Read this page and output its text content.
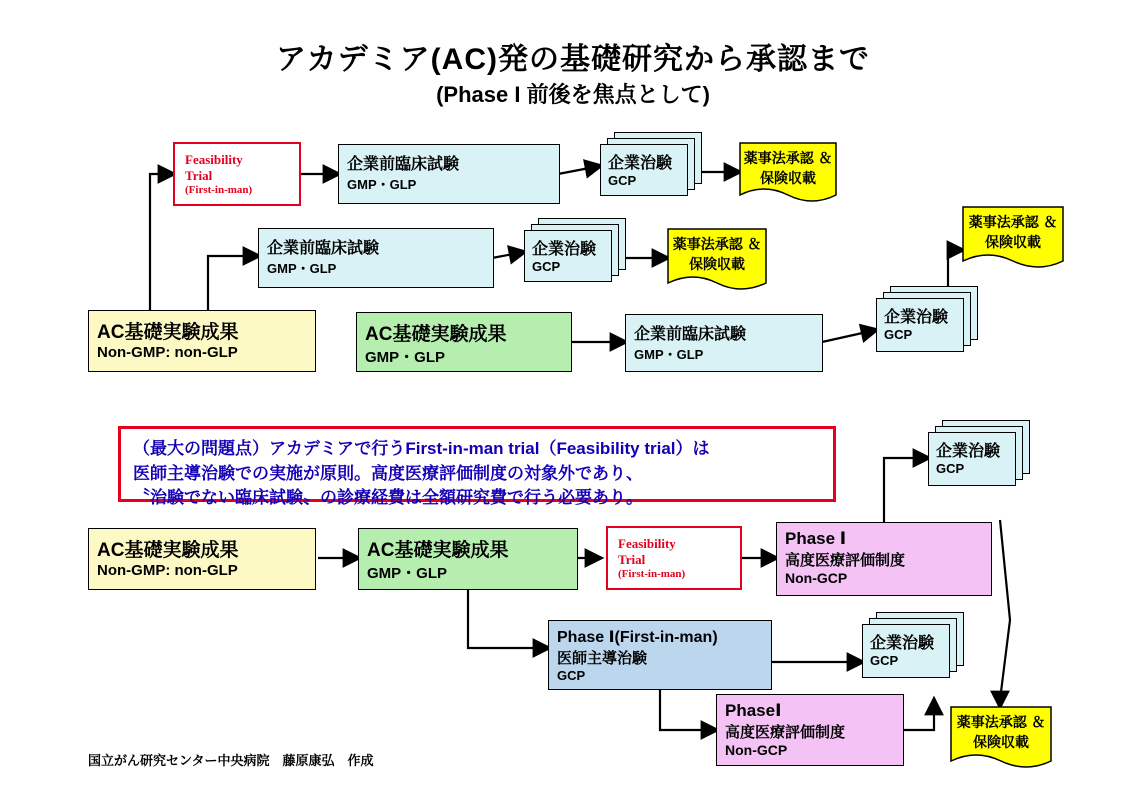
アカデミア(AC)発の基礎研究から承認まで
(Phase I 前後を焦点として)
Feasibility
Trial
(First-in-man)
企業前臨床試験
GMP・GLP
企業治験
GCP
薬事法承認 ＆保険収載
企業前臨床試験
GMP・GLP
企業治験
GCP
薬事法承認 ＆保険収載
薬事法承認 ＆保険収載
AC基礎実験成果
Non-GMP: non-GLP
AC基礎実験成果
GMP・GLP
企業前臨床試験
GMP・GLP
企業治験
GCP
（最大の問題点）アカデミアで行うFirst-in-man trial（Feasibility trial）は
医師主導治験での実施が原則。高度医療評価制度の対象外であり、
〝治験でない臨床試験〟の診療経費は全額研究費で行う必要あり。
AC基礎実験成果
Non-GMP: non-GLP
AC基礎実験成果
GMP・GLP
Feasibility
Trial
(First-in-man)
Phase Ⅰ
高度医療評価制度
Non-GCP
企業治験
GCP
Phase Ⅰ(First-in-man)
医師主導治験
GCP
企業治験
GCP
PhaseⅠ
高度医療評価制度
Non-GCP
薬事法承認 ＆保険収載
国立がん研究センター中央病院　藤原康弘　作成
